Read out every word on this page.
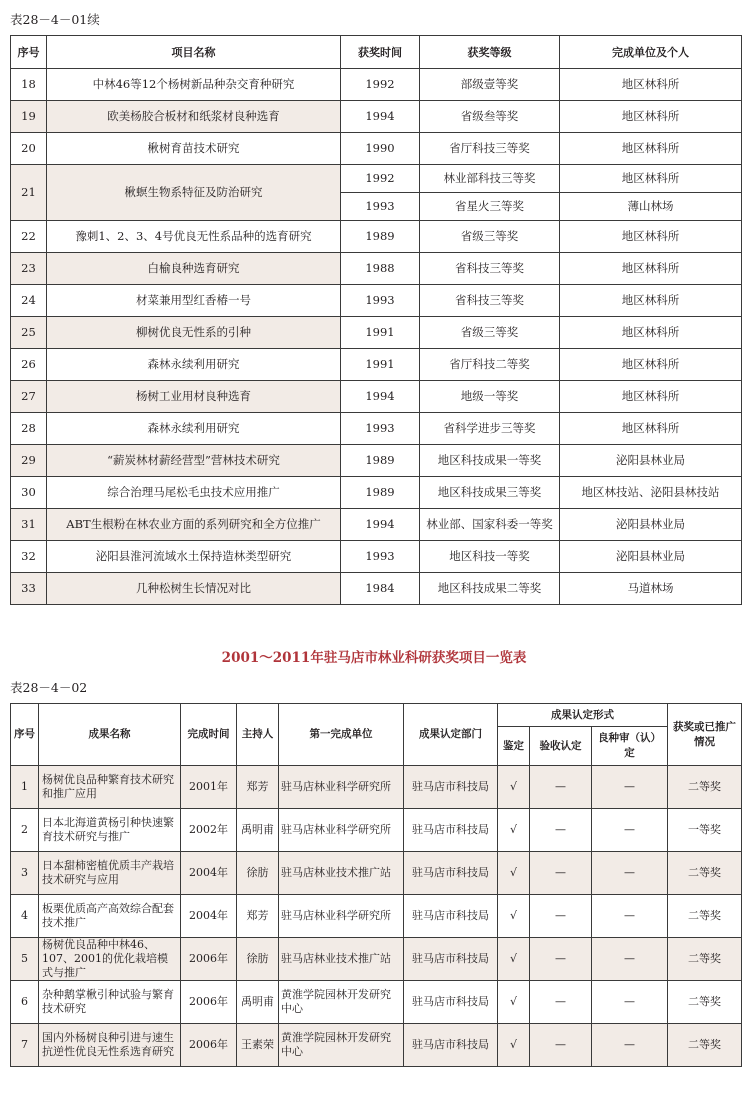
表28－4－01续
序号	项目名称	获奖时间	获奖等级	完成单位及个人
18	中林46等12个杨树新品种杂交育种研究	1992	部级壹等奖	地区林科所
19	欧美杨胶合板材和纸浆材良种选育	1994	省级叁等奖	地区林科所
20	楸树育苗技术研究	1990	省厅科技三等奖	地区林科所
21	楸螟生物系特征及防治研究	1992	林业部科技三等奖	地区林科所
		1993	省星火三等奖	薄山林场
22	豫刺1、2、3、4号优良无性系品种的选育研究	1989	省级三等奖	地区林科所
23	白榆良种选育研究	1988	省科技三等奖	地区林科所
24	材菜兼用型红香椿一号	1993	省科技三等奖	地区林科所
25	柳树优良无性系的引种	1991	省级三等奖	地区林科所
26	森林永续利用研究	1991	省厅科技二等奖	地区林科所
27	杨树工业用材良种选育	1994	地级一等奖	地区林科所
28	森林永续利用研究	1993	省科学进步三等奖	地区林科所
29	“薪炭林材薪经营型”营林技术研究	1989	地区科技成果一等奖	泌阳县林业局
30	综合治理马尾松毛虫技术应用推广	1989	地区科技成果三等奖	地区林技站、泌阳县林技站
31	ABT生根粉在林农业方面的系列研究和全方位推广	1994	林业部、国家科委一等奖	泌阳县林业局
32	泌阳县淮河流域水土保持造林类型研究	1993	地区科技一等奖	泌阳县林业局
33	几种松树生长情况对比	1984	地区科技成果二等奖	马道林场
2001～2011年驻马店市林业科研获奖项目一览表
表28－4－02
序号	成果名称	完成时间	主持人	第一完成单位	成果认定部门	成果认定形式			获奖或已推广情况
						鉴定	验收认定	良种审（认）定	
1	杨树优良品种繁育技术研究和推广应用	2001年	郑芳	驻马店林业科学研究所	驻马店市科技局	√	—	—	二等奖
2	日本北海道黄杨引种快速繁育技术研究与推广	2002年	禹明甫	驻马店林业科学研究所	驻马店市科技局	√	—	—	一等奖
3	日本甜柿密植优质丰产栽培技术研究与应用	2004年	徐肪	驻马店林业技术推广站	驻马店市科技局	√	—	—	二等奖
4	板栗优质高产高效综合配套技术推广	2004年	郑芳	驻马店林业科学研究所	驻马店市科技局	√	—	—	二等奖
5	杨树优良品种中林46、107、2001的优化栽培模式与推广	2006年	徐肪	驻马店林业技术推广站	驻马店市科技局	√	—	—	二等奖
6	杂种鹅掌楸引种试验与繁育技术研究	2006年	禹明甫	黄淮学院园林开发研究中心	驻马店市科技局	√	—	—	二等奖
7	国内外杨树良种引进与速生抗逆性优良无性系选育研究	2006年	王素荣	黄淮学院园林开发研究中心	驻马店市科技局	√	—	—	二等奖
